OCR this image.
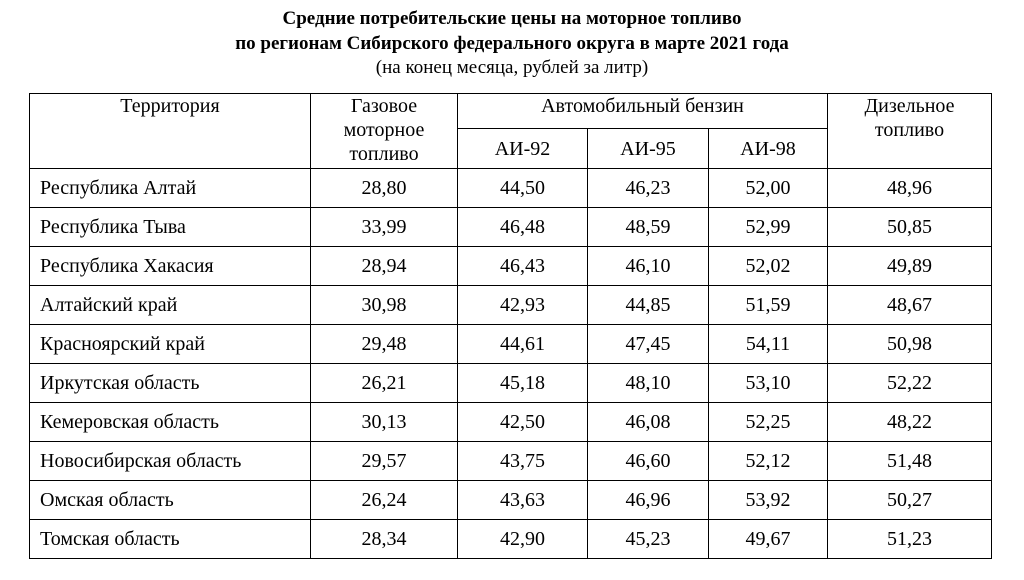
Средние потребительские цены на моторное топливо
по регионам Сибирского федерального округа в марте 2021 года
(на конец месяца, рублей за литр)
Территория	Газовое моторное топливо	Автомобильный бензин			Дизельное топливо
		АИ-92	АИ-95	АИ-98	
Республика Алтай	28,80	44,50	46,23	52,00	48,96
Республика Тыва	33,99	46,48	48,59	52,99	50,85
Республика Хакасия	28,94	46,43	46,10	52,02	49,89
Алтайский край	30,98	42,93	44,85	51,59	48,67
Красноярский край	29,48	44,61	47,45	54,11	50,98
Иркутская область	26,21	45,18	48,10	53,10	52,22
Кемеровская область	30,13	42,50	46,08	52,25	48,22
Новосибирская область	29,57	43,75	46,60	52,12	51,48
Омская область	26,24	43,63	46,96	53,92	50,27
Томская область	28,34	42,90	45,23	49,67	51,23
